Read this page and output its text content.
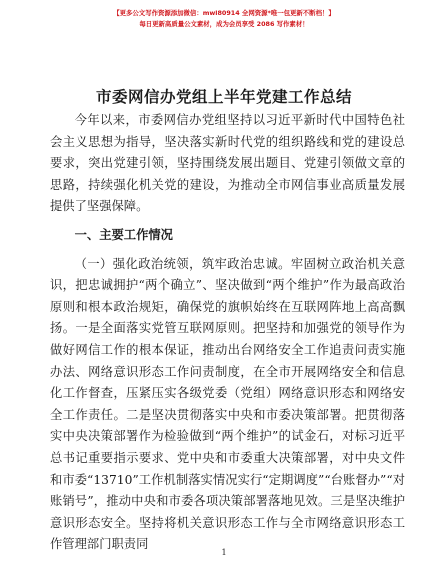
【更多公文写作资源添加微信：mwl80914 全网资源*唯一包更新不断档！】
每日更新高质量公文素材，成为会员享受 2086 写作素材！
市委网信办党组上半年党建工作总结

今年以来，市委网信办党组坚持以习近平新时代中国特色社会主义思想为指导，坚决落实新时代党的组织路线和党的建设总要求，突出党建引领，坚持围绕发展出题目、党建引领做文章的思路，持续强化机关党的建设，为推动全市网信事业高质量发展提供了坚强保障。

一、主要工作情况

（一）强化政治统领，筑牢政治忠诚。牢固树立政治机关意识，把忠诚拥护“两个确立”、坚决做到“两个维护”作为最高政治原则和根本政治规矩，确保党的旗帜始终在互联网阵地上高高飘扬。一是全面落实党管互联网原则。把坚持和加强党的领导作为做好网信工作的根本保证，推动出台网络安全工作追责问责实施办法、网络意识形态工作问责制度，在全市开展网络安全和信息化工作督查，压紧压实各级党委（党组）网络意识形态和网络安全工作责任。二是坚决贯彻落实中央和市委决策部署。把贯彻落实中央决策部署作为检验做到“两个维护”的试金石，对标习近平总书记重要指示要求、党中央和市委重大决策部署，对中央文件和市委“13710”工作机制落实情况实行“定期调度”“台账督办”“对账销号”，推动中央和市委各项决策部署落地见效。三是坚决维护意识形态安全。坚持将机关意识形态工作与全市网络意识形态工作管理部门职责同

1
